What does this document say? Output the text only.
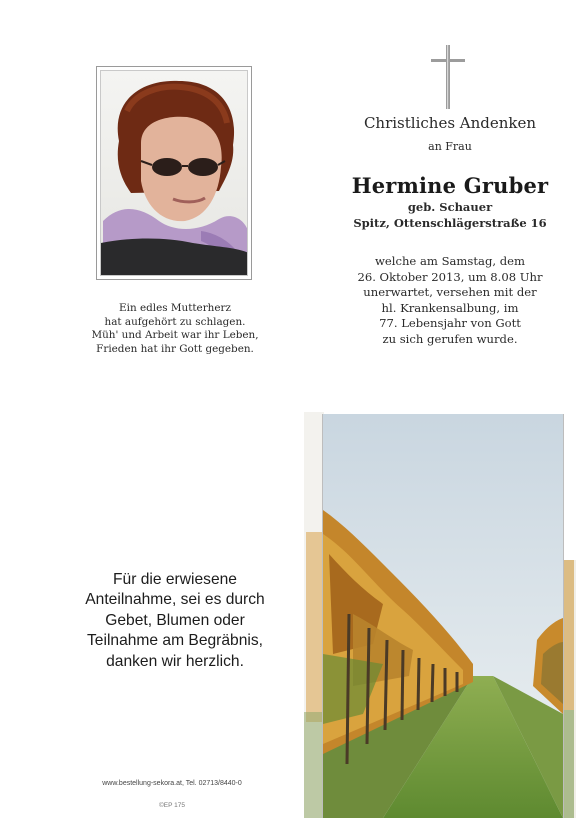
Ein edles Mutterherz
hat aufgehört zu schlagen.
Müh' und Arbeit war ihr Leben,
Frieden hat ihr Gott gegeben.
Christliches Andenken
an Frau
Hermine Gruber
geb. Schauer
Spitz, Ottenschlägerstraße 16
welche am Samstag, dem
26. Oktober 2013, um 8.08 Uhr
unerwartet, versehen mit der
hl. Krankensalbung, im
77. Lebensjahr von Gott
zu sich gerufen wurde.
Für die erwiesene
Anteilnahme, sei es durch
Gebet, Blumen oder
Teilnahme am Begräbnis,
danken wir herzlich.
www.bestellung-sekora.at, Tel. 02713/8440-0
©EP 175
